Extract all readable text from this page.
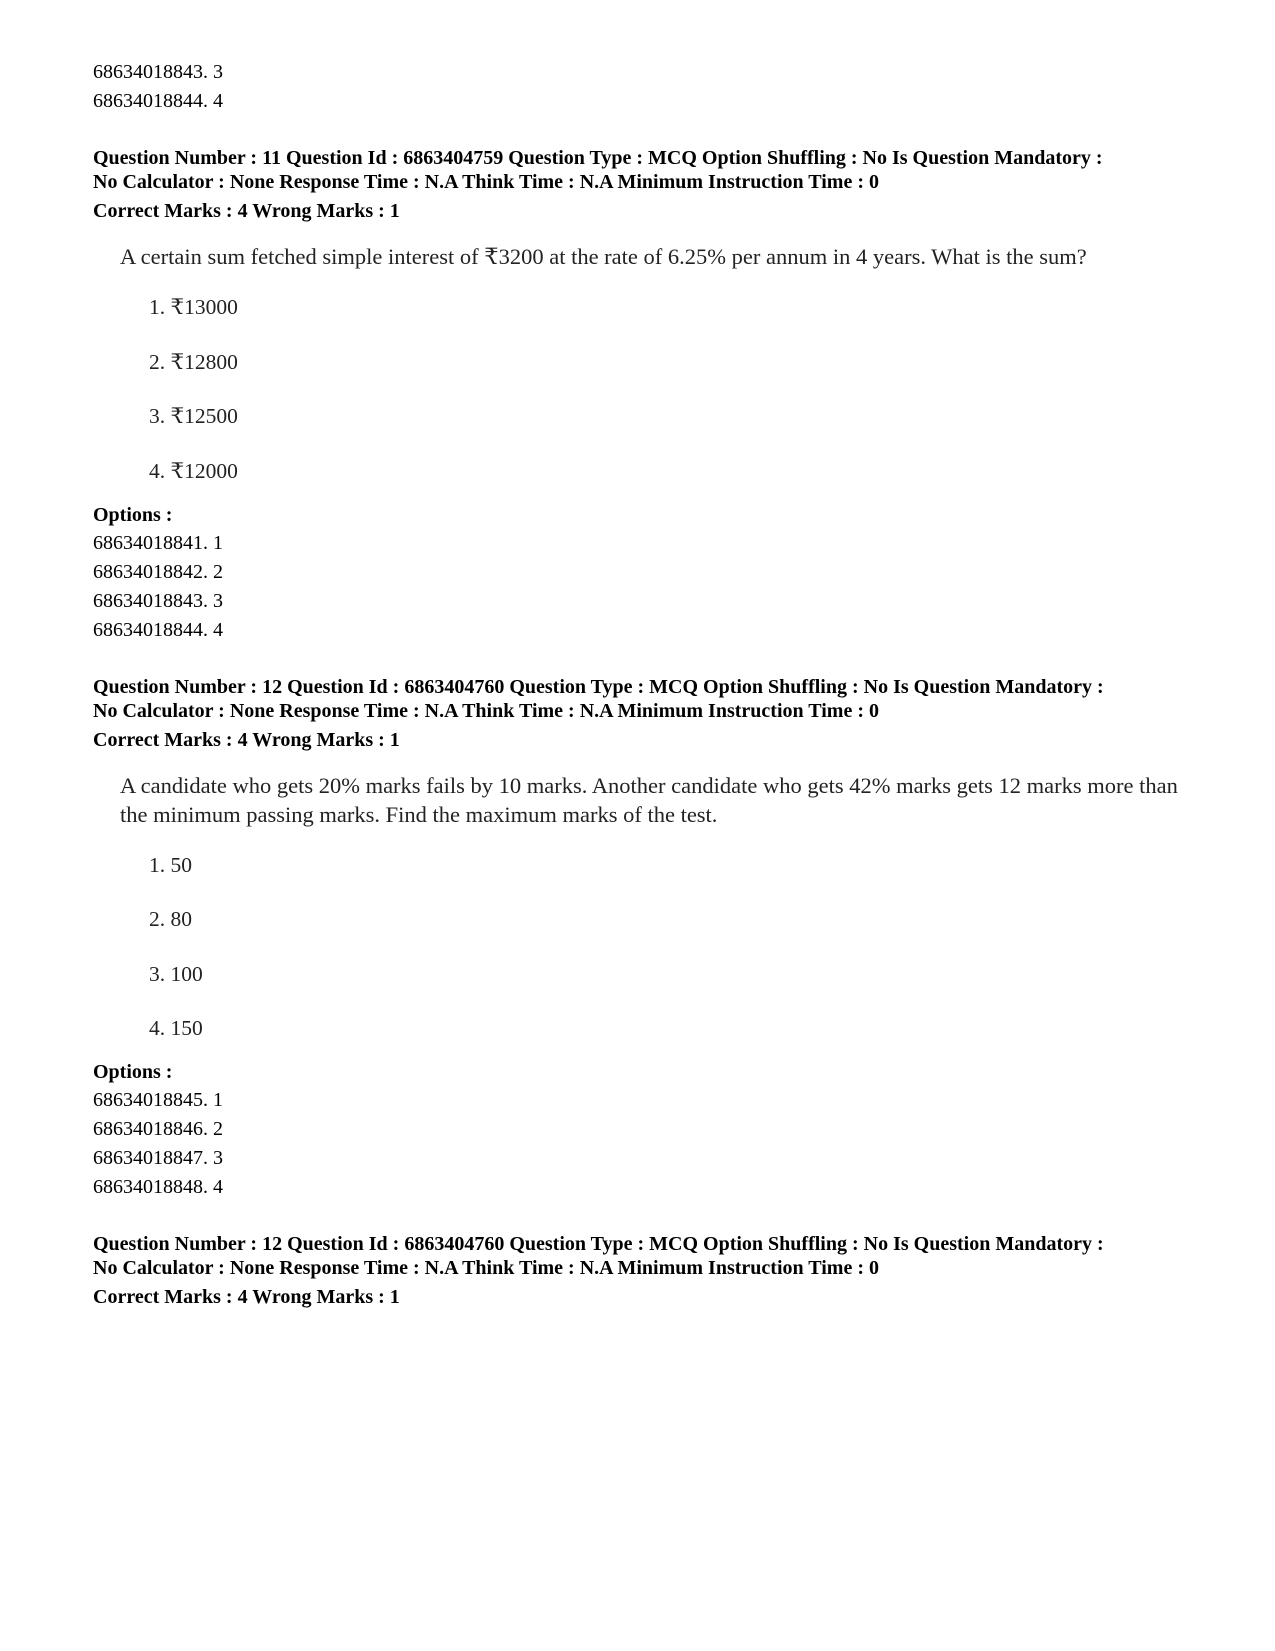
68634018843. 3
68634018844. 4
Question Number : 11 Question Id : 6863404759 Question Type : MCQ Option Shuffling : No Is Question Mandatory :
No Calculator : None Response Time : N.A Think Time : N.A Minimum Instruction Time : 0
Correct Marks : 4 Wrong Marks : 1
A certain sum fetched simple interest of ₹3200 at the rate of 6.25% per annum in 4 years. What is the sum?
1. ₹13000
2. ₹12800
3. ₹12500
4. ₹12000
Options :
68634018841. 1
68634018842. 2
68634018843. 3
68634018844. 4
Question Number : 12 Question Id : 6863404760 Question Type : MCQ Option Shuffling : No Is Question Mandatory :
No Calculator : None Response Time : N.A Think Time : N.A Minimum Instruction Time : 0
Correct Marks : 4 Wrong Marks : 1
A candidate who gets 20% marks fails by 10 marks. Another candidate who gets 42% marks gets 12 marks more than the minimum passing marks. Find the maximum marks of the test.
1. 50
2. 80
3. 100
4. 150
Options :
68634018845. 1
68634018846. 2
68634018847. 3
68634018848. 4
Question Number : 12 Question Id : 6863404760 Question Type : MCQ Option Shuffling : No Is Question Mandatory :
No Calculator : None Response Time : N.A Think Time : N.A Minimum Instruction Time : 0
Correct Marks : 4 Wrong Marks : 1
